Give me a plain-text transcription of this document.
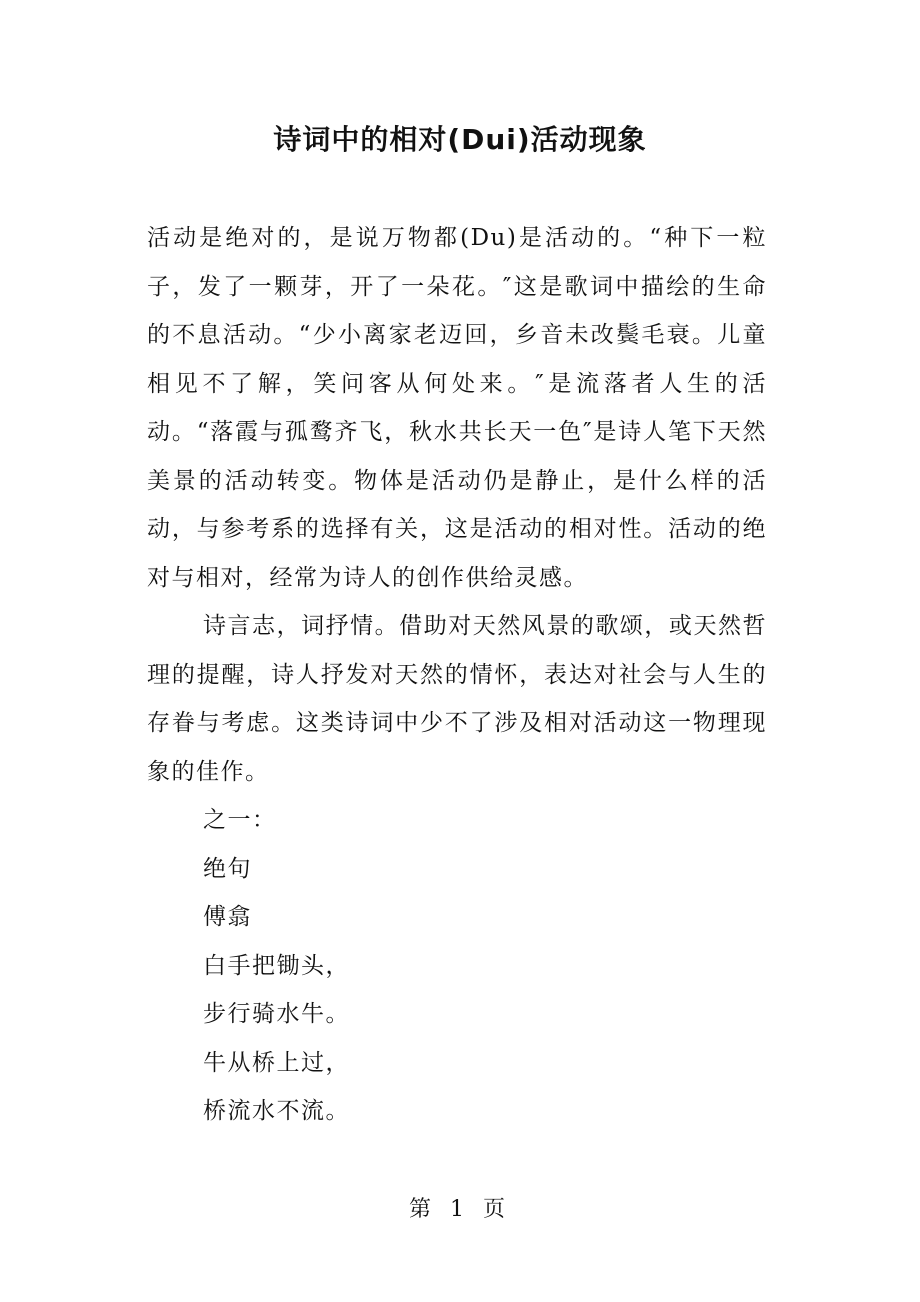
诗词中的相对(Dui)活动现象

活动是绝对的，是说万物都(Du)是活动的。“种下一粒子，发了一颗芽，开了一朵花。″这是歌词中描绘的生命的不息活动。“少小离家老迈回，乡音未改鬓毛衰。儿童相见不了解，笑问客从何处来。″是流落者人生的活动。“落霞与孤鹜齐飞，秋水共长天一色″是诗人笔下天然美景的活动转变。物体是活动仍是静止，是什么样的活动，与参考系的选择有关，这是活动的相对性。活动的绝对与相对，经常为诗人的创作供给灵感。

诗言志，词抒情。借助对天然风景的歌颂，或天然哲理的提醒，诗人抒发对天然的情怀，表达对社会与人生的存眷与考虑。这类诗词中少不了涉及相对活动这一物理现象的佳作。

之一：

绝句

傅翕

白手把锄头，

步行骑水牛。

牛从桥上过，

桥流水不流。

第 1 页
